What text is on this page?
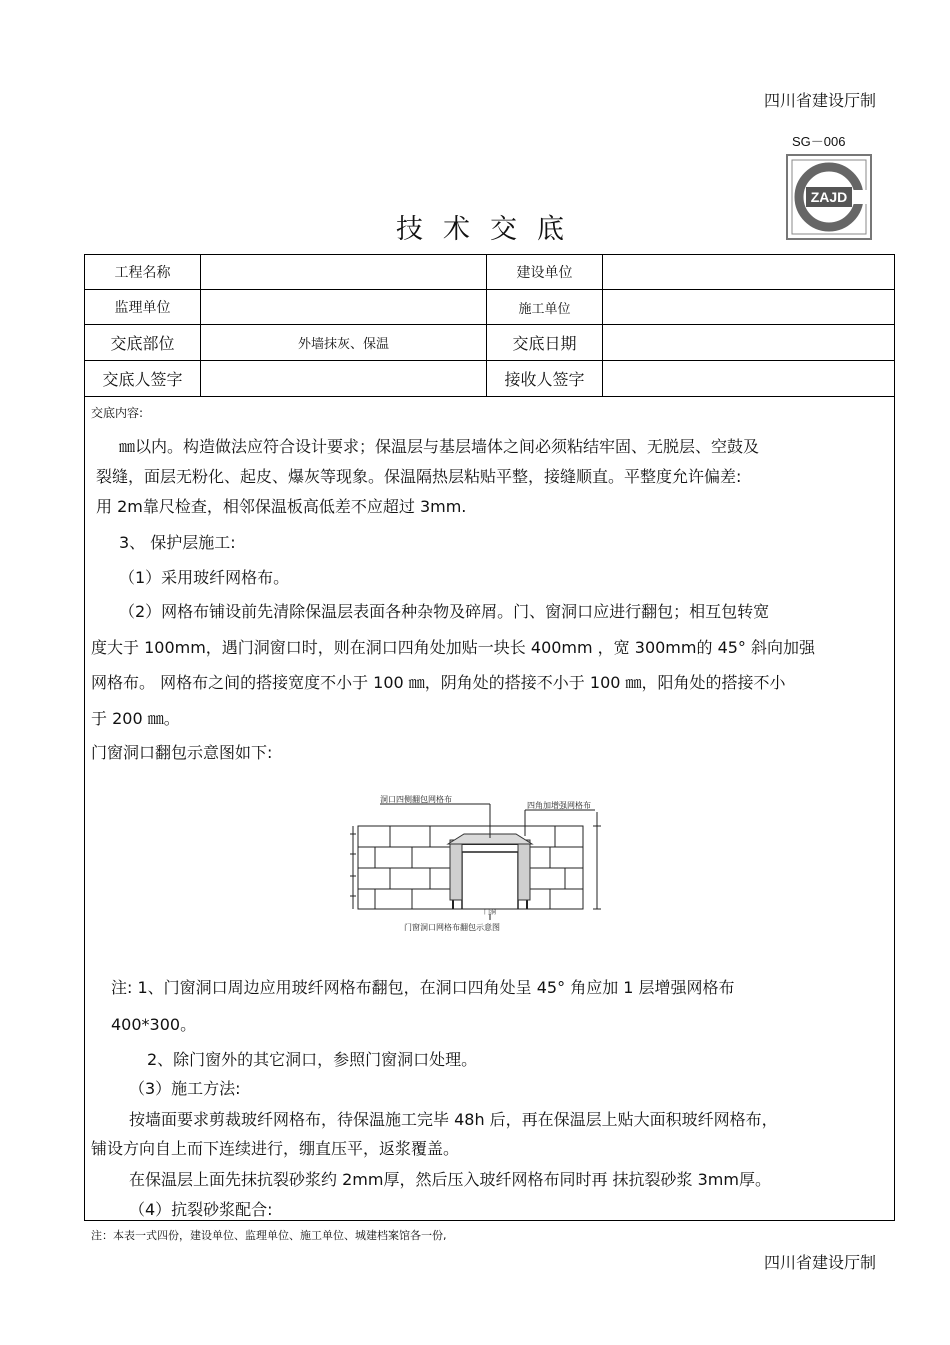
四川省建设厅制
SG－006
ZAJD
技术交底
工程名称		建设单位	
监理单位		施工单位	
交底部位	外墙抹灰、保温	交底日期	
交底人签字		接收人签字	
交底内容:
㎜以内。构造做法应符合设计要求；保温层与基层墙体之间必须粘结牢固、无脱层、空鼓及
裂缝，面层无粉化、起皮、爆灰等现象。保温隔热层粘贴平整，接缝顺直。平整度允许偏差:
用 2m靠尺检查，相邻保温板高低差不应超过 3mm.
3、 保护层施工:
（1）采用玻纤网格布。
（2）网格布铺设前先清除保温层表面各种杂物及碎屑。门、窗洞口应进行翻包；相互包转宽
度大于 100mm，遇门洞窗口时，则在洞口四角处加贴一块长 400mm ，宽 300mm的 45° 斜向加强
网格布。 网格布之间的搭接宽度不小于 100 ㎜，阴角处的搭接不小于 100 ㎜，阳角处的搭接不小
于 200 ㎜。
门窗洞口翻包示意图如下:
洞口四侧翻包网格布
四角加增强网格布
门洞
门窗洞口网格布翻包示意图
注: 1、门窗洞口周边应用玻纤网格布翻包，在洞口四角处呈 45° 角应加 1 层增强网格布
400*300。
2、除门窗外的其它洞口，参照门窗洞口处理。
（3）施工方法:
按墙面要求剪裁玻纤网格布，待保温施工完毕 48h 后，再在保温层上贴大面积玻纤网格布，
铺设方向自上而下连续进行，绷直压平，返浆覆盖。
在保温层上面先抹抗裂砂浆约 2mm厚，然后压入玻纤网格布同时再 抹抗裂砂浆 3mm厚。
（4）抗裂砂浆配合:
注：本表一式四份，建设单位、监理单位、施工单位、城建档案馆各一份,
四川省建设厅制
